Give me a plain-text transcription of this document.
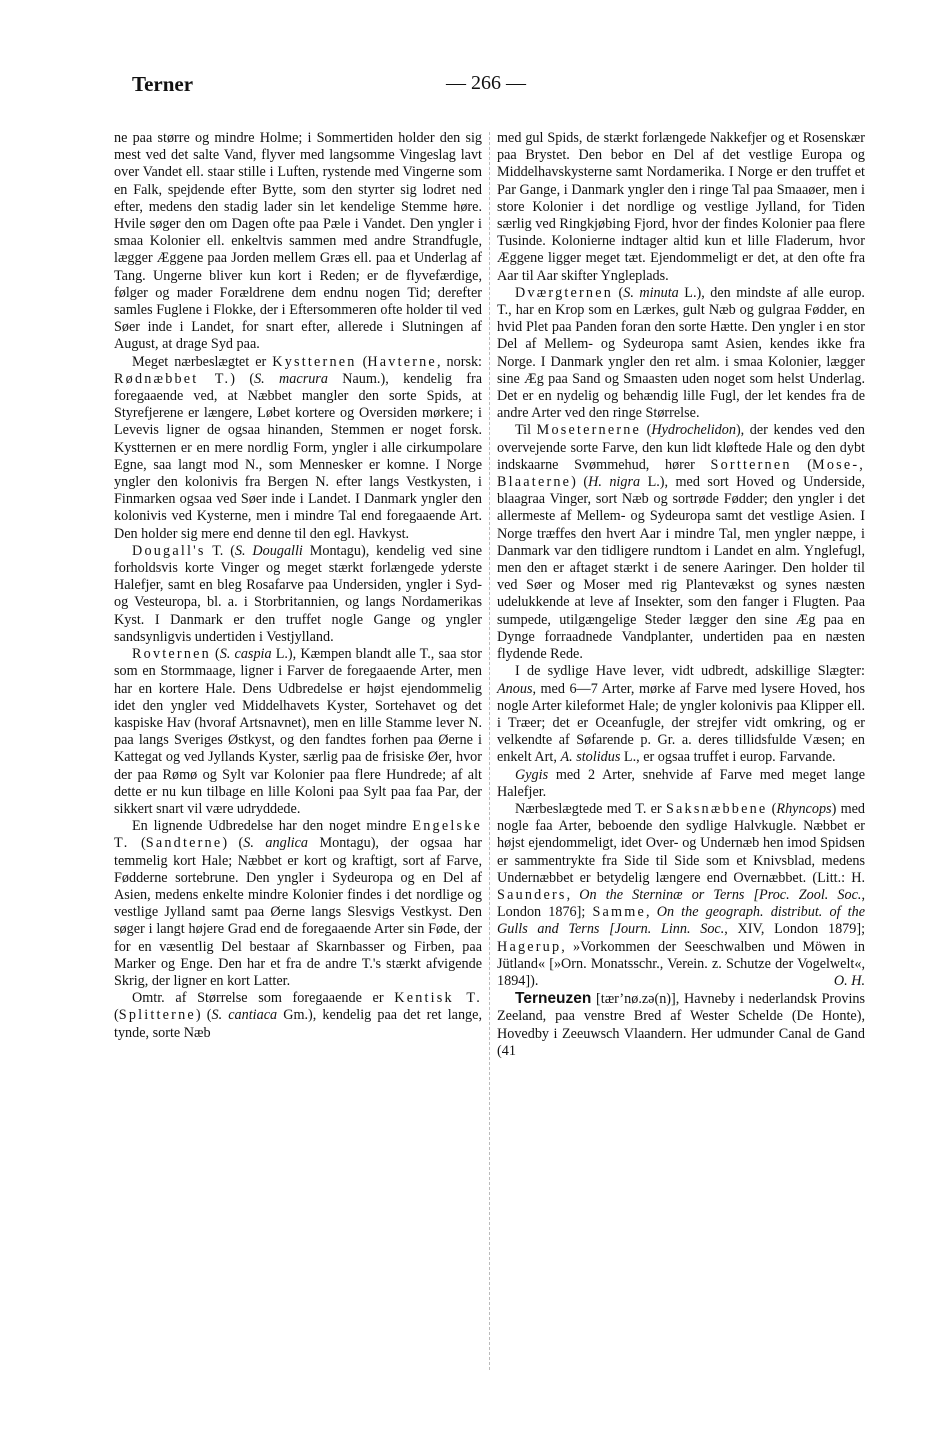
Terner	— 266 —

ne paa større og mindre Holme; i Sommertiden holder den sig mest ved det salte Vand, flyver med langsomme Vingeslag lavt over Vandet ell. staar stille i Luften, rystende med Vingerne som en Falk, spejdende efter Bytte, som den styrter sig lodret ned efter, medens den stadig lader sin let kendelige Stemme høre. Hvile søger den om Dagen ofte paa Pæle i Vandet. Den yngler i smaa Kolonier ell. enkeltvis sammen med andre Strandfugle, lægger Æggene paa Jorden mellem Græs ell. paa et Underlag af Tang. Ungerne bliver kun kort i Reden; er de flyvefærdige, følger og mader Forældrene dem endnu nogen Tid; derefter samles Fuglene i Flokke, der i Eftersommeren ofte holder til ved Søer inde i Landet, for snart efter, allerede i Slutningen af August, at drage Syd paa.

Meget nærbeslægtet er Kystternen (Havterne, norsk: Rødnæbbet T.) (S. macrura Naum.), kendelig fra foregaaende ved, at Næbbet mangler den sorte Spids, at Styrefjerene er længere, Løbet kortere og Oversiden mørkere; i Levevis ligner de ogsaa hinanden, Stemmen er noget forsk. Kystternen er en mere nordlig Form, yngler i alle cirkumpolare Egne, saa langt mod N., som Mennesker er komne. I Norge yngler den kolonivis fra Bergen N. efter langs Vestkysten, i Finmarken ogsaa ved Søer inde i Landet. I Danmark yngler den kolonivis ved Kysterne, men i mindre Tal end foregaaende Art. Den holder sig mere end denne til den egl. Havkyst.

Dougall's T. (S. Dougalli Montagu), kendelig ved sine forholdsvis korte Vinger og meget stærkt forlængede yderste Halefjer, samt en bleg Rosafarve paa Undersiden, yngler i Syd- og Vesteuropa, bl. a. i Storbritannien, og langs Nordamerikas Kyst. I Danmark er den truffet nogle Gange og yngler sandsynligvis undertiden i Vestjylland.

Rovternen (S. caspia L.), Kæmpen blandt alle T., saa stor som en Stormmaage, ligner i Farver de foregaaende Arter, men har en kortere Hale. Dens Udbredelse er højst ejendommelig idet den yngler ved Middelhavets Kyster, Sortehavet og det kaspiske Hav (hvoraf Artsnavnet), men en lille Stamme lever N. paa langs Sveriges Østkyst, og den fandtes forhen paa Øerne i Kattegat og ved Jyllands Kyster, særlig paa de frisiske Øer, hvor der paa Rømø og Sylt var Kolonier paa flere Hundrede; af alt dette er nu kun tilbage en lille Koloni paa Sylt paa faa Par, der sikkert snart vil være udryddede.

En lignende Udbredelse har den noget mindre Engelske T. (Sandterne) (S. anglica Montagu), der ogsaa har temmelig kort Hale; Næbbet er kort og kraftigt, sort af Farve, Fødderne sortebrune. Den yngler i Sydeuropa og en Del af Asien, medens enkelte mindre Kolonier findes i det nordlige og vestlige Jylland samt paa Øerne langs Slesvigs Vestkyst. Den søger i langt højere Grad end de foregaaende Arter sin Føde, der for en væsentlig Del bestaar af Skarnbasser og Firben, paa Marker og Enge. Den har et fra de andre T.'s stærkt afvigende Skrig, der ligner en kort Latter.

Omtr. af Størrelse som foregaaende er Kentisk T. (Splitterne) (S. cantiaca Gm.), kendelig paa det ret lange, tynde, sorte Næb

med gul Spids, de stærkt forlængede Nakkefjer og et Rosenskær paa Brystet. Den bebor en Del af det vestlige Europa og Middelhavskysterne samt Nordamerika. I Norge er den truffet et Par Gange, i Danmark yngler den i ringe Tal paa Smaaøer, men i store Kolonier i det nordlige og vestlige Jylland, for Tiden særlig ved Ringkjøbing Fjord, hvor der findes Kolonier paa flere Tusinde. Kolonierne indtager altid kun et lille Fladerum, hvor Æggene ligger meget tæt. Ejendommeligt er det, at den ofte fra Aar til Aar skifter Yngleplads.

Dværgternen (S. minuta L.), den mindste af alle europ. T., har en Krop som en Lærkes, gult Næb og gulgraa Fødder, en hvid Plet paa Panden foran den sorte Hætte. Den yngler i en stor Del af Mellem- og Sydeuropa samt Asien, kendes ikke fra Norge. I Danmark yngler den ret alm. i smaa Kolonier, lægger sine Æg paa Sand og Smaasten uden noget som helst Underlag. Det er en nydelig og behændig lille Fugl, der let kendes fra de andre Arter ved den ringe Størrelse.

Til Moseternerne (Hydrochelidon), der kendes ved den overvejende sorte Farve, den kun lidt kløftede Hale og den dybt indskaarne Svømmehud, hører Sortternen (Mose-, Blaaterne) (H. nigra L.), med sort Hoved og Underside, blaagraa Vinger, sort Næb og sortrøde Fødder; den yngler i det allermeste af Mellem- og Sydeuropa samt det vestlige Asien. I Norge træffes den hvert Aar i mindre Tal, men yngler næppe, i Danmark var den tidligere rundtom i Landet en alm. Ynglefugl, men den er aftaget stærkt i de senere Aaringer. Den holder til ved Søer og Moser med rig Plantevækst og synes næsten udelukkende at leve af Insekter, som den fanger i Flugten. Paa sumpede, utilgængelige Steder lægger den sine Æg paa en Dynge forraadnede Vandplanter, undertiden paa en næsten flydende Rede.

I de sydlige Have lever, vidt udbredt, adskillige Slægter: Anous, med 6—7 Arter, mørke af Farve med lysere Hoved, hos nogle Arter kileformet Hale; de yngler kolonivis paa Klipper ell. i Træer; det er Oceanfugle, der strejfer vidt omkring, og er velkendte af Søfarende p. Gr. a. deres tillidsfulde Væsen; en enkelt Art, A. stolidus L., er ogsaa truffet i europ. Farvande.

Gygis med 2 Arter, snehvide af Farve med meget lange Halefjer.

Nærbeslægtede med T. er Saksnæbbene (Rhyncops) med nogle faa Arter, beboende den sydlige Halvkugle. Næbbet er højst ejendommeligt, idet Over- og Undernæb hen imod Spidsen er sammentrykte fra Side til Side som et Knivsblad, medens Undernæbbet er betydelig længere end Overnæbbet. (Litt.: H. Saunders, On the Sterninæ or Terns [Proc. Zool. Soc., London 1876]; Samme, On the geograph. distribut. of the Gulls and Terns [Journ. Linn. Soc., XIV, London 1879]; Hagerup, »Vorkommen der Seeschwalben und Möwen in Jütland« [»Orn. Monatsschr., Verein. z. Schutze der Vogelwelt«, 1894]).	O. H.

Terneuzen [tær’nø.zə(n)], Havneby i nederlandsk Provins Zeeland, paa venstre Bred af Wester Schelde (De Honte), Hovedby i Zeeuwsch Vlaandern. Her udmunder Canal de Gand (41
